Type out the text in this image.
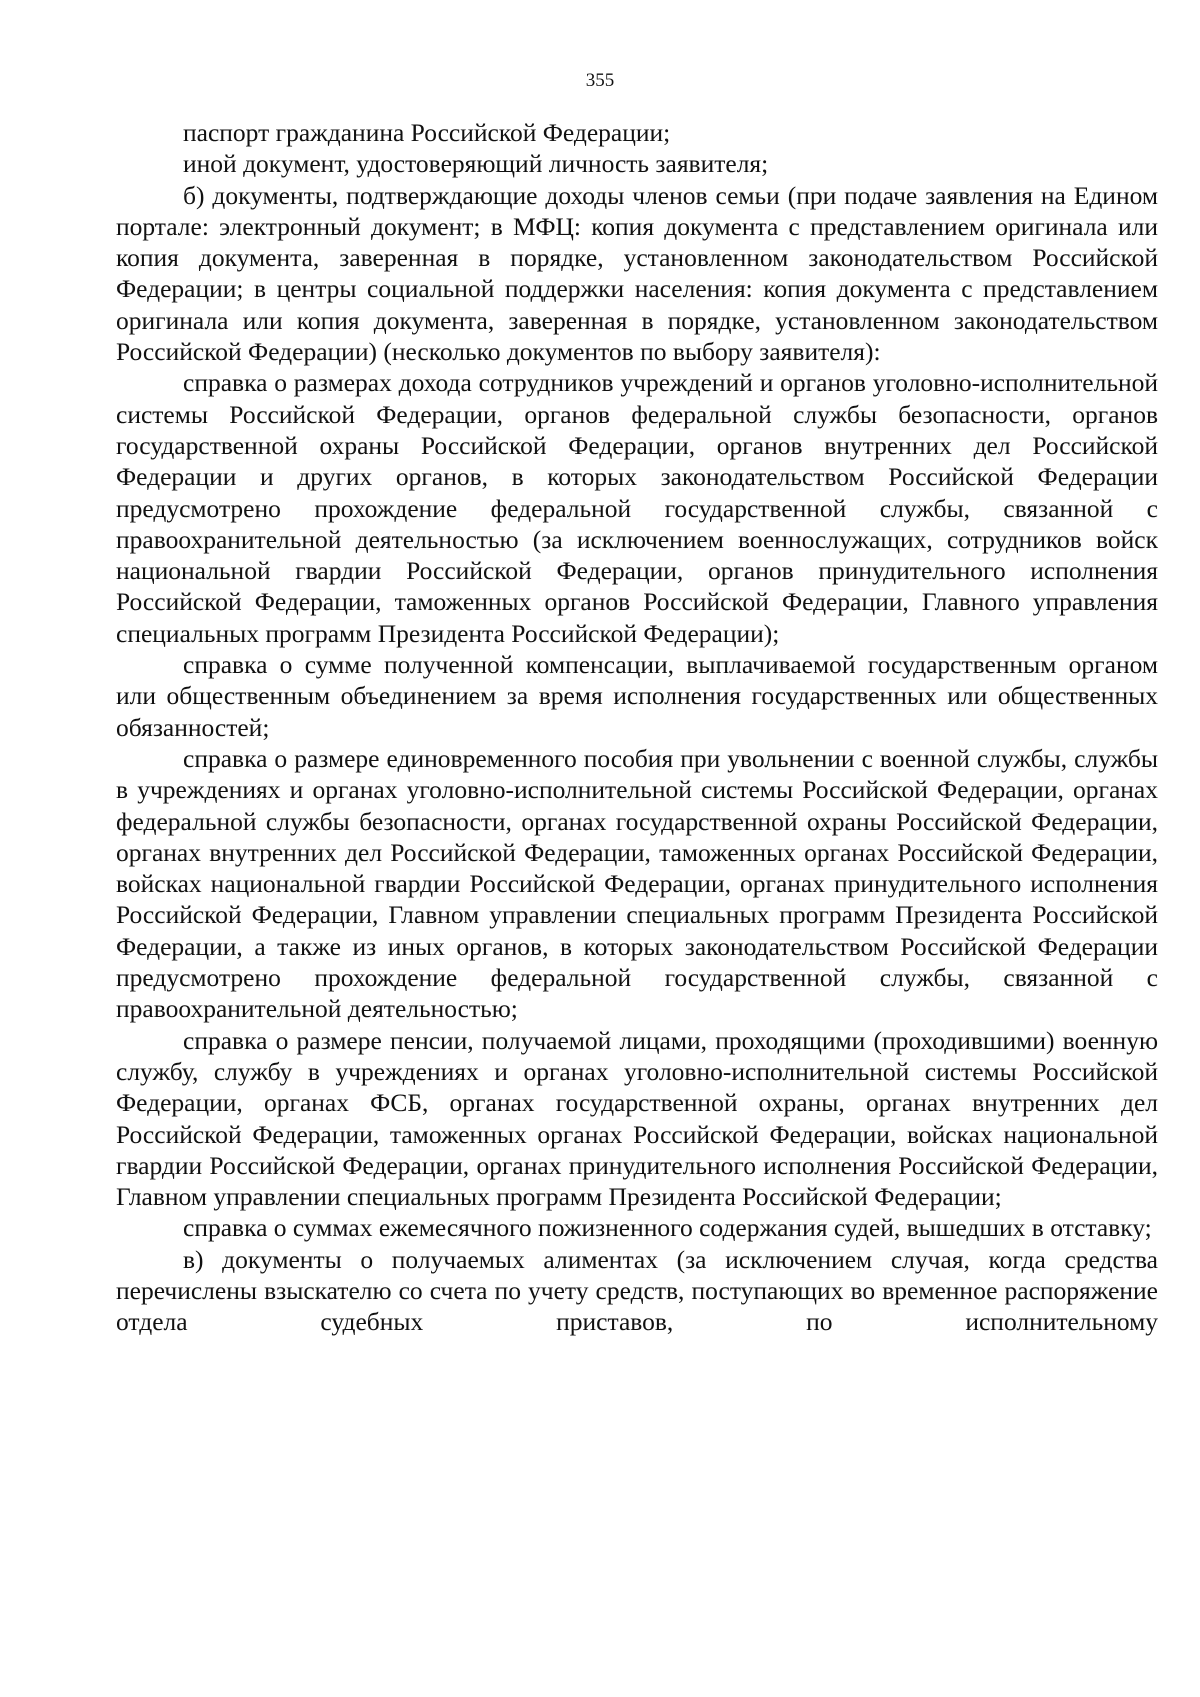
355

паспорт гражданина Российской Федерации;

иной документ, удостоверяющий личность заявителя;

б) документы, подтверждающие доходы членов семьи (при подаче заявления на Едином портале: электронный документ; в МФЦ: копия документа с представлением оригинала или копия документа, заверенная в порядке, установленном законодательством Российской Федерации; в центры социальной поддержки населения: копия документа с представлением оригинала или копия документа, заверенная в порядке, установленном законодательством Российской Федерации) (несколько документов по выбору заявителя):

справка о размерах дохода сотрудников учреждений и органов уголовно-исполнительной системы Российской Федерации, органов федеральной службы безопасности, органов государственной охраны Российской Федерации, органов внутренних дел Российской Федерации и других органов, в которых законодательством Российской Федерации предусмотрено прохождение федеральной государственной службы, связанной с правоохранительной деятельностью (за исключением военнослужащих, сотрудников войск национальной гвардии Российской Федерации, органов принудительного исполнения Российской Федерации, таможенных органов Российской Федерации, Главного управления специальных программ Президента Российской Федерации);

справка о сумме полученной компенсации, выплачиваемой государственным органом или общественным объединением за время исполнения государственных или общественных обязанностей;

справка о размере единовременного пособия при увольнении с военной службы, службы в учреждениях и органах уголовно-исполнительной системы Российской Федерации, органах федеральной службы безопасности, органах государственной охраны Российской Федерации, органах внутренних дел Российской Федерации, таможенных органах Российской Федерации, войсках национальной гвардии Российской Федерации, органах принудительного исполнения Российской Федерации, Главном управлении специальных программ Президента Российской Федерации, а также из иных органов, в которых законодательством Российской Федерации предусмотрено прохождение федеральной государственной службы, связанной с правоохранительной деятельностью;

справка о размере пенсии, получаемой лицами, проходящими (проходившими) военную службу, службу в учреждениях и органах уголовно-исполнительной системы Российской Федерации, органах ФСБ, органах государственной охраны, органах внутренних дел Российской Федерации, таможенных органах Российской Федерации, войсках национальной гвардии Российской Федерации, органах принудительного исполнения Российской Федерации, Главном управлении специальных программ Президента Российской Федерации;

справка о суммах ежемесячного пожизненного содержания судей, вышедших в отставку;

в) документы о получаемых алиментах (за исключением случая, когда средства перечислены взыскателю со счета по учету средств, поступающих во временное распоряжение отдела судебных приставов, по исполнительному
